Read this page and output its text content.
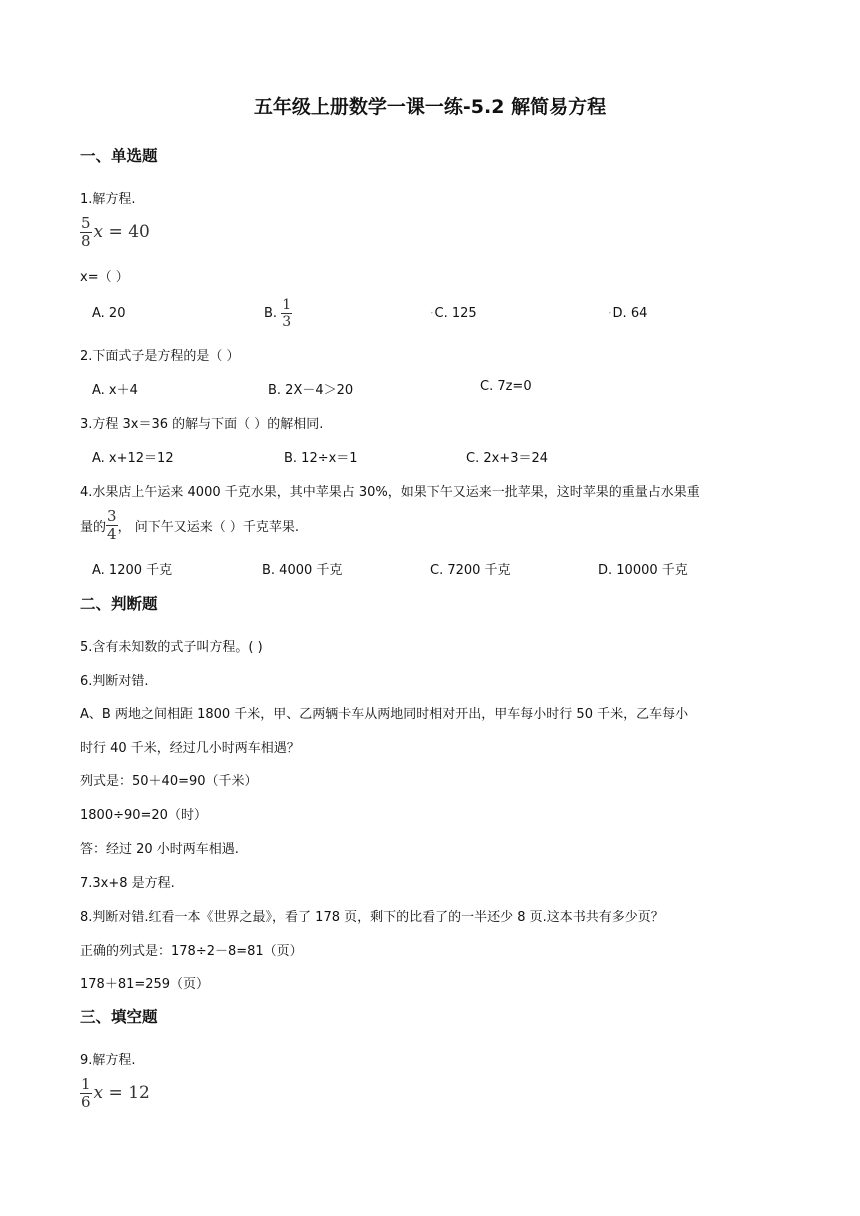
五年级上册数学一课一练-5.2 解简易方程
一、单选题
1.解方程.
$\frac{5}{8}$ x = 40
x=（ ）
A. 20	B. $\frac{1}{3}$	•C. 125	•D. 64
2.下面式子是方程的是（ ）
A. x＋4	B. 2X－4＞20	C. 7z=0
3.方程 3x＝36 的解与下面（ ）的解相同.
A. x+12＝12	B. 12÷x＝1	C. 2x+3＝24
4.水果店上午运来 4000 千克水果，其中苹果占 30%，如果下午又运来一批苹果，这时苹果的重量占水果重
量的 $\frac{3}{4}$ ， 问下午又运来（ ）千克苹果.
A. 1200 千克	B. 4000 千克	C. 7200 千克	D. 10000 千克
二、判断题
5.含有未知数的式子叫方程。( )
6.判断对错.
A、B 两地之间相距 1800 千米，甲、乙两辆卡车从两地同时相对开出，甲车每小时行 50 千米，乙车每小
时行 40 千米，经过几小时两车相遇？
列式是：50＋40=90（千米）
1800÷90=20（时）
答：经过 20 小时两车相遇.
7.3x+8 是方程.
8.判断对错.红看一本《世界之最》，看了 178 页，剩下的比看了的一半还少 8 页.这本书共有多少页？
正确的列式是：178÷2－8=81（页）
178＋81=259（页）
三、填空题
9.解方程.
$\frac{1}{6}$ x = 12
